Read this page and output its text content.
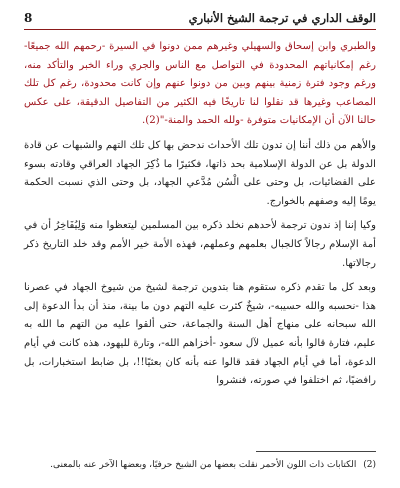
الوقف الداري في ترجمة الشيخ الأنباري
8

والطبري وابن إسحاق والسهيلي وغيرهم ممن دونوا في السيرة -رحمهم الله جميعًا- رغم إمكانياتهم المحدودة في التواصل مع الناس والجري وراء الخبر والتأكد منه، ورغم وجود فترة زمنية بينهم وبين من دونوا عنهم وإن كانت محدودة، رغم كل تلك المصاعب وغيرها قد نقلوا لنا تاريخًا فيه الكثير من التفاصيل الدقيقة، على عكس حالنا الآن أن الإمكانيات متوفرة -ولله الحمد والمنة-"(2).

والأهم من ذلك أننا إن تدون تلك الأحداث ندحض بها كل تلك التهم والشبهات عن قادة الدولة بل عن الدولة الإسلامية بحد ذاتها، فكثيرًا ما ذُكِرَ الجهاد العراقي وقادته بسوء على الفضائيات، بل وحتى على الْسُن مُدَّعي الجهاد، بل وحتى الذي نسبت الحكمة يومًا إليه وصفهم بالخوارج.

وكيا إننا إذ ندون ترجمة لأحدهم نخلد ذكره بين المسلمين ليتعظوا منه وَلِيُفَاخِرُ أن في أمة الإسلام رجالاً كالجبال بعلمهم وعملهم، فهذه الأمة خير الأمم وقد خلد التاريخ ذكر رجالاتها.

وبعد كل ما تقدم ذكره ستقوم هنا بتدوين ترجمة لشيخ من شيوخ الجهاد في عصرنا هذا -نحسبه والله حسيبه-، شيخٌ كثرت عليه التهم دون ما بينة، منذ أن بدأ الدعوة إلى الله سبحانه على منهاج أهل السنة والجماعة، حتى ألقوا عليه من التهم ما الله به عليم، فتارة قالوا بأنه عميل لآل سعود -أخزاهم الله-، وتارة لليهود، هذه كانت في أيام الدعوة، أما في أيام الجهاد فقد قالوا عنه بأنه كان بعثيًا!!، بل ضابط استخبارات، بل رافضيًا، ثم اختلفوا في صورته، فنشروا

(2) الكتابات ذات اللون الأحمر نقلت بعضها من الشيخ حرفيًا، وبعضها الآخر عنه بالمعنى.
